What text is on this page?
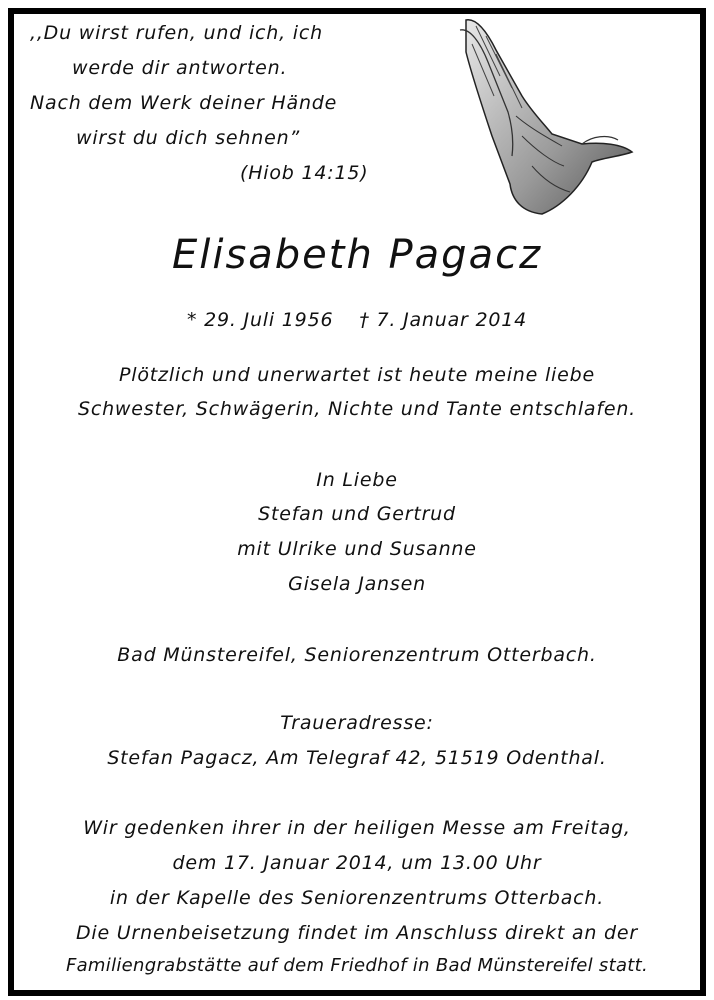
,,Du wirst rufen, und ich, ich
werde dir antworten.
Nach dem Werk deiner Hände
wirst du dich sehnen”
(Hiob 14:15)
Elisabeth Pagacz
* 29. Juli 1956 † 7. Januar 2014
Plötzlich und unerwartet ist heute meine liebe
Schwester, Schwägerin, Nichte und Tante entschlafen.
In Liebe
Stefan und Gertrud
mit Ulrike und Susanne
Gisela Jansen
Bad Münstereifel, Seniorenzentrum Otterbach.
Traueradresse:
Stefan Pagacz, Am Telegraf 42, 51519 Odenthal.
Wir gedenken ihrer in der heiligen Messe am Freitag,
dem 17. Januar 2014, um 13.00 Uhr
in der Kapelle des Seniorenzentrums Otterbach.
Die Urnenbeisetzung findet im Anschluss direkt an der
Familiengrabstätte auf dem Friedhof in Bad Münstereifel statt.
